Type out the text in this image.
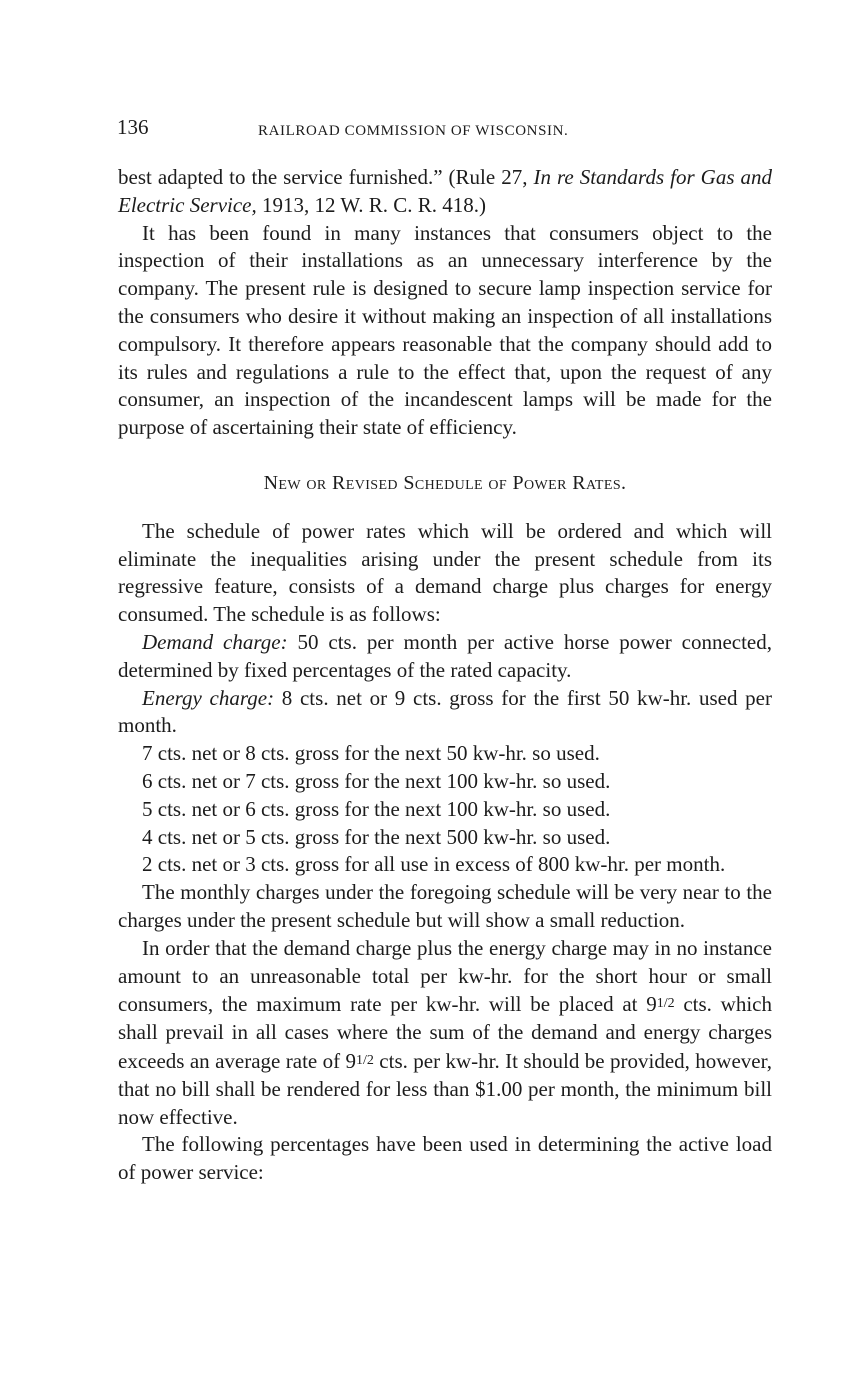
136	RAILROAD COMMISSION OF WISCONSIN.

best adapted to the service furnished.” (Rule 27, In re Standards for Gas and Electric Service, 1913, 12 W. R. C. R. 418.)

It has been found in many instances that consumers object to the inspection of their installations as an unnecessary interference by the company. The present rule is designed to secure lamp inspection service for the consumers who desire it without making an inspection of all installations compulsory. It therefore appears reasonable that the company should add to its rules and regulations a rule to the effect that, upon the request of any consumer, an inspection of the incandescent lamps will be made for the purpose of ascertaining their state of efficiency.

New or Revised Schedule of Power Rates.

The schedule of power rates which will be ordered and which will eliminate the inequalities arising under the present schedule from its regressive feature, consists of a demand charge plus charges for energy consumed. The schedule is as follows:

Demand charge: 50 cts. per month per active horse power connected, determined by fixed percentages of the rated capacity.

Energy charge: 8 cts. net or 9 cts. gross for the first 50 kw-hr. used per month.

7 cts. net or 8 cts. gross for the next 50 kw-hr. so used.

6 cts. net or 7 cts. gross for the next 100 kw-hr. so used.

5 cts. net or 6 cts. gross for the next 100 kw-hr. so used.

4 cts. net or 5 cts. gross for the next 500 kw-hr. so used.

2 cts. net or 3 cts. gross for all use in excess of 800 kw-hr. per month.

The monthly charges under the foregoing schedule will be very near to the charges under the present schedule but will show a small reduction.

In order that the demand charge plus the energy charge may in no instance amount to an unreasonable total per kw-hr. for the short hour or small consumers, the maximum rate per kw-hr. will be placed at 91/2 cts. which shall prevail in all cases where the sum of the demand and energy charges exceeds an average rate of 91/2 cts. per kw-hr. It should be provided, however, that no bill shall be rendered for less than $1.00 per month, the minimum bill now effective.

The following percentages have been used in determining the active load of power service:
